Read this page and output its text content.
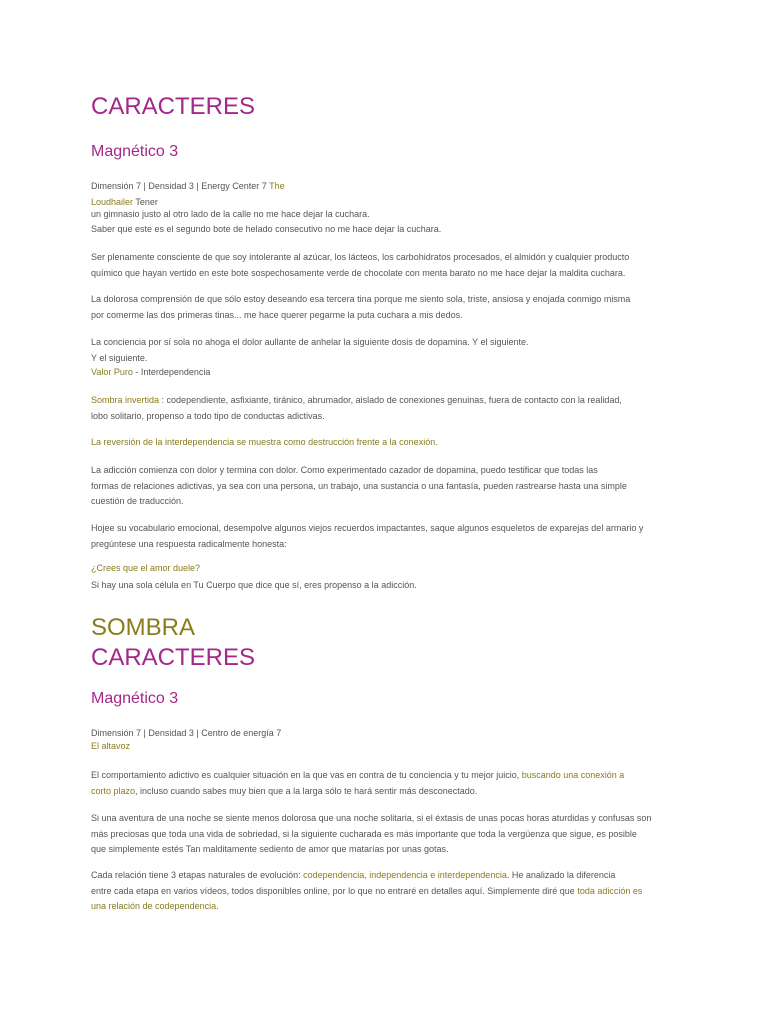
CARACTERES
Magnético 3

Dimensión 7 | Densidad 3 | Energy Center 7 The
Loudhailer Tener

un gimnasio justo al otro lado de la calle no me hace dejar la cuchara.

Saber que este es el segundo bote de helado consecutivo no me hace dejar la cuchara.

Ser plenamente consciente de que soy intolerante al azúcar, los lácteos, los carbohidratos procesados, el almidón y cualquier producto
químico que hayan vertido en este bote sospechosamente verde de chocolate con menta barato no me hace dejar la maldita cuchara.

La dolorosa comprensión de que sólo estoy deseando esa tercera tina porque me siento sola, triste, ansiosa y enojada conmigo misma
por comerme las dos primeras tinas... me hace querer pegarme la puta cuchara a mis dedos.

La conciencia por sí sola no ahoga el dolor aullante de anhelar la siguiente dosis de dopamina. Y el siguiente.
Y el siguiente.

Valor Puro - Interdependencia

Sombra invertida : codependiente, asfixiante, tiránico, abrumador, aislado de conexiones genuinas, fuera de contacto con la realidad,
lobo solitario, propenso a todo tipo de conductas adictivas.

La reversión de la interdependencia se muestra como destrucción frente a la conexión.

La adicción comienza con dolor y termina con dolor. Como experimentado cazador de dopamina, puedo testificar que todas las
formas de relaciones adictivas, ya sea con una persona, un trabajo, una sustancia o una fantasía, pueden rastrearse hasta una simple
cuestión de traducción.

Hojee su vocabulario emocional, desempolve algunos viejos recuerdos impactantes, saque algunos esqueletos de exparejas del armario y
pregúntese una respuesta radicalmente honesta:

¿Crees que el amor duele?

Si hay una sola célula en Tu Cuerpo que dice que sí, eres propenso a la adicción.

SOMBRA
CARACTERES
Magnético 3

Dimensión 7 | Densidad 3 | Centro de energía 7

El altavoz

El comportamiento adictivo es cualquier situación en la que vas en contra de tu conciencia y tu mejor juicio, buscando una conexión a
corto plazo, incluso cuando sabes muy bien que a la larga sólo te hará sentir más desconectado.

Si una aventura de una noche se siente menos dolorosa que una noche solitaria, si el éxtasis de unas pocas horas aturdidas y confusas son
más preciosas que toda una vida de sobriedad, si la siguiente cucharada es más importante que toda la vergüenza que sigue, es posible
que simplemente estés Tan malditamente sediento de amor que matarías por unas gotas.

Cada relación tiene 3 etapas naturales de evolución: codependencia, independencia e interdependencia. He analizado la diferencia
entre cada etapa en varios vídeos, todos disponibles online, por lo que no entraré en detalles aquí. Simplemente diré que toda adicción es
una relación de codependencia.
